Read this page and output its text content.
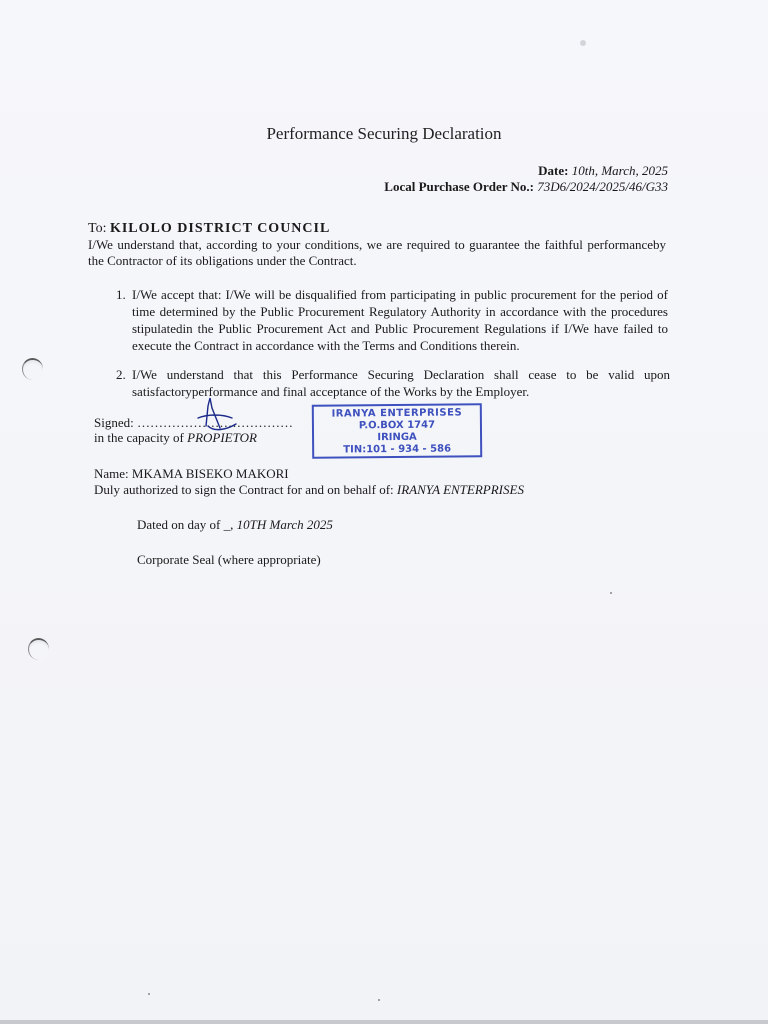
Performance Securing Declaration
Date: 10th, March, 2025
Local Purchase Order No.: 73D6/2024/2025/46/G33
To: KILOLO DISTRICT COUNCIL
I/We understand that, according to your conditions, we are required to guarantee the faithful performanceby the Contractor of its obligations under the Contract.
1. I/We accept that: I/We will be disqualified from participating in public procurement for the period of time determined by the Public Procurement Regulatory Authority in accordance with the procedures stipulatedin the Public Procurement Act and Public Procurement Regulations if I/We have failed to execute the Contract in accordance with the Terms and Conditions therein.
2. I/We understand that this Performance Securing Declaration shall cease to be valid upon satisfactoryperformance and final acceptance of the Works by the Employer.
Signed: ………………………………
in the capacity of PROPIETOR
IRANYA ENTERPRISES
P.O.BOX 1747
IRINGA
TIN:101 - 934 - 586
Name: MKAMA BISEKO MAKORI
Duly authorized to sign the Contract for and on behalf of: IRANYA ENTERPRISES
Dated on day of _, 10TH March 2025
Corporate Seal (where appropriate)
